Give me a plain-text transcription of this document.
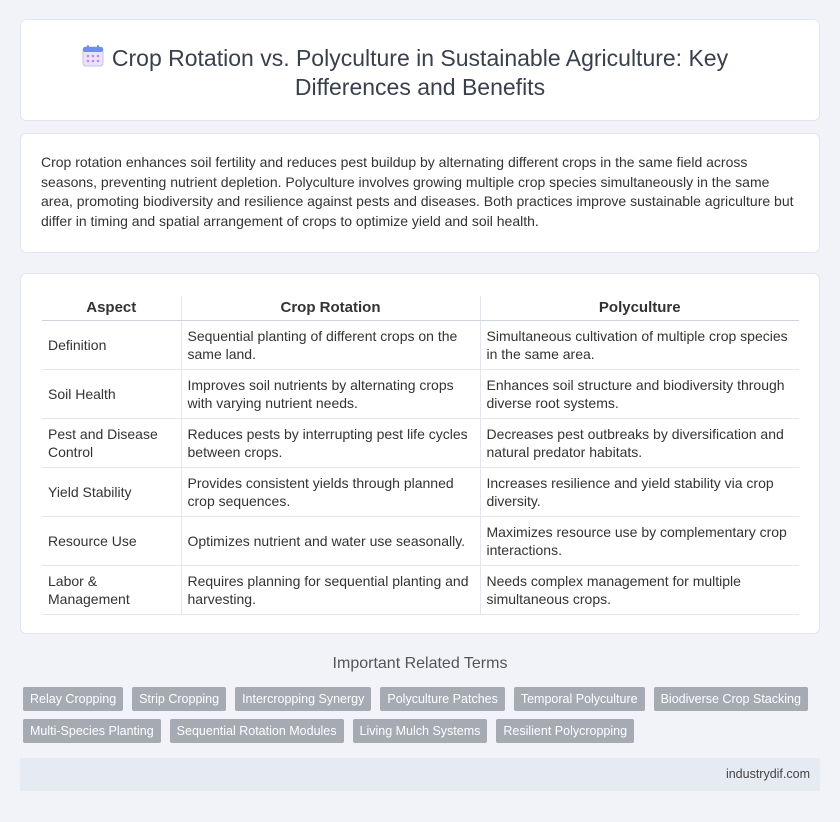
Crop Rotation vs. Polyculture in Sustainable Agriculture: Key Differences and Benefits

Crop rotation enhances soil fertility and reduces pest buildup by alternating different crops in the same field across seasons, preventing nutrient depletion. Polyculture involves growing multiple crop species simultaneously in the same area, promoting biodiversity and resilience against pests and diseases. Both practices improve sustainable agriculture but differ in timing and spatial arrangement of crops to optimize yield and soil health.

Aspect	Crop Rotation	Polyculture
Definition	Sequential planting of different crops on the same land.	Simultaneous cultivation of multiple crop species in the same area.
Soil Health	Improves soil nutrients by alternating crops with varying nutrient needs.	Enhances soil structure and biodiversity through diverse root systems.
Pest and Disease Control	Reduces pests by interrupting pest life cycles between crops.	Decreases pest outbreaks by diversification and natural predator habitats.
Yield Stability	Provides consistent yields through planned crop sequences.	Increases resilience and yield stability via crop diversity.
Resource Use	Optimizes nutrient and water use seasonally.	Maximizes resource use by complementary crop interactions.
Labor & Management	Requires planning for sequential planting and harvesting.	Needs complex management for multiple simultaneous crops.
Important Related Terms
Relay Cropping	Strip Cropping	Intercropping Synergy	Polyculture Patches	Temporal Polyculture	Biodiverse Crop Stacking
Multi-Species Planting	Sequential Rotation Modules	Living Mulch Systems	Resilient Polycropping
industrydif.com
